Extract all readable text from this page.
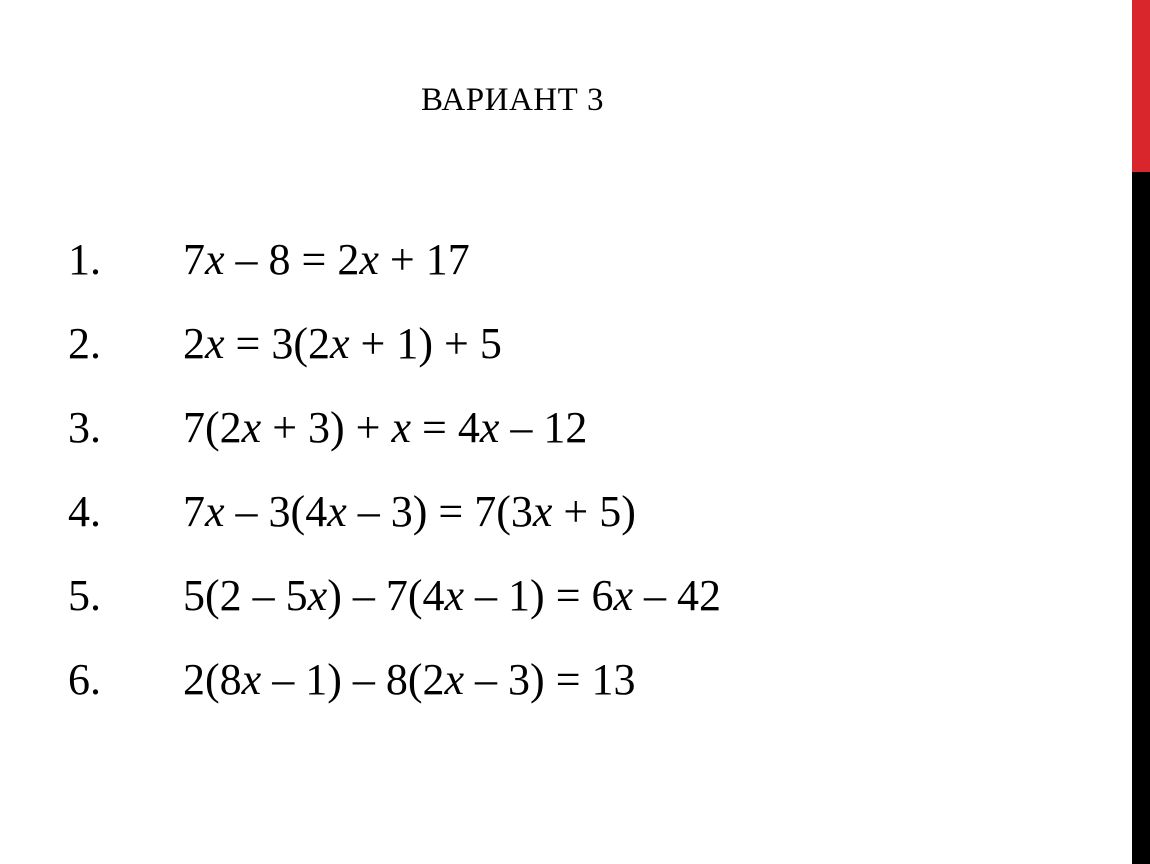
ВАРИАНТ 3
1. 7x – 8 = 2x + 17
2. 2x = 3(2x + 1) + 5
3. 7(2x + 3) + x = 4x – 12
4. 7x – 3(4x – 3) = 7(3x + 5)
5. 5(2 – 5x) – 7(4x – 1) = 6x – 42
6. 2(8x – 1) – 8(2x – 3) = 13
